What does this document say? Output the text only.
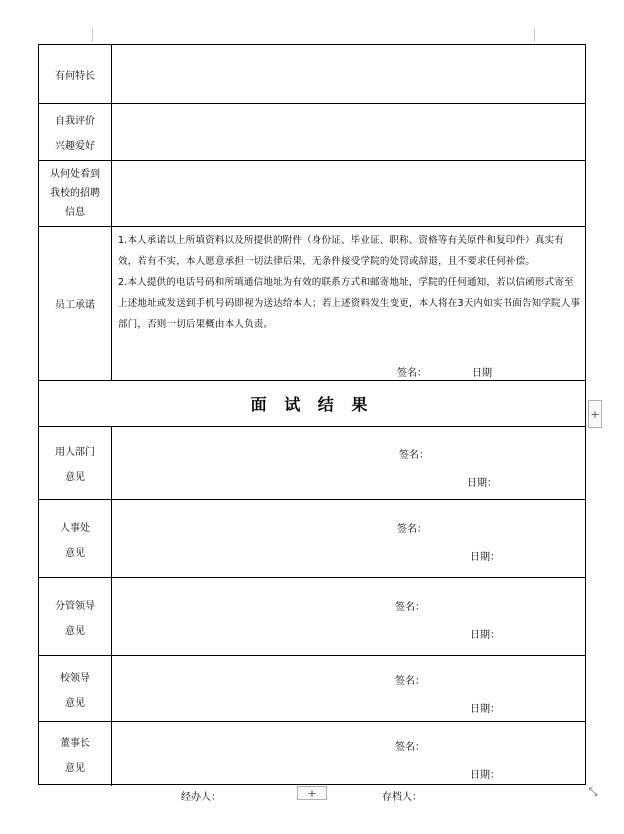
有何特长
自我评价
兴趣爱好
从何处看到
我校的招聘
信息
员工承诺

1.本人承诺以上所填资料以及所提供的附件（身份证、毕业证、职称、资格等有关原件和复印件）真实有效，若有不实，本人愿意承担一切法律后果，无条件接受学院的处罚或辞退，且不要求任何补偿。

2.本人提供的电话号码和所填通信地址为有效的联系方式和邮寄地址，学院的任何通知，若以信函形式寄至上述地址或发送到手机号码即视为送达给本人；若上述资料发生变更，本人将在3天内如实书面告知学院人事部门，否则一切后果概由本人负责。

签名：	日期
面 试 结 果
用人部门
意见
签名：
日期：
人事处
意见
签名：
日期：
分管领导
意见
签名：
日期：
校领导
意见
签名：
日期：
董事长
意见
签名：
日期：
经办人：	存档人：
+
+
⤡
